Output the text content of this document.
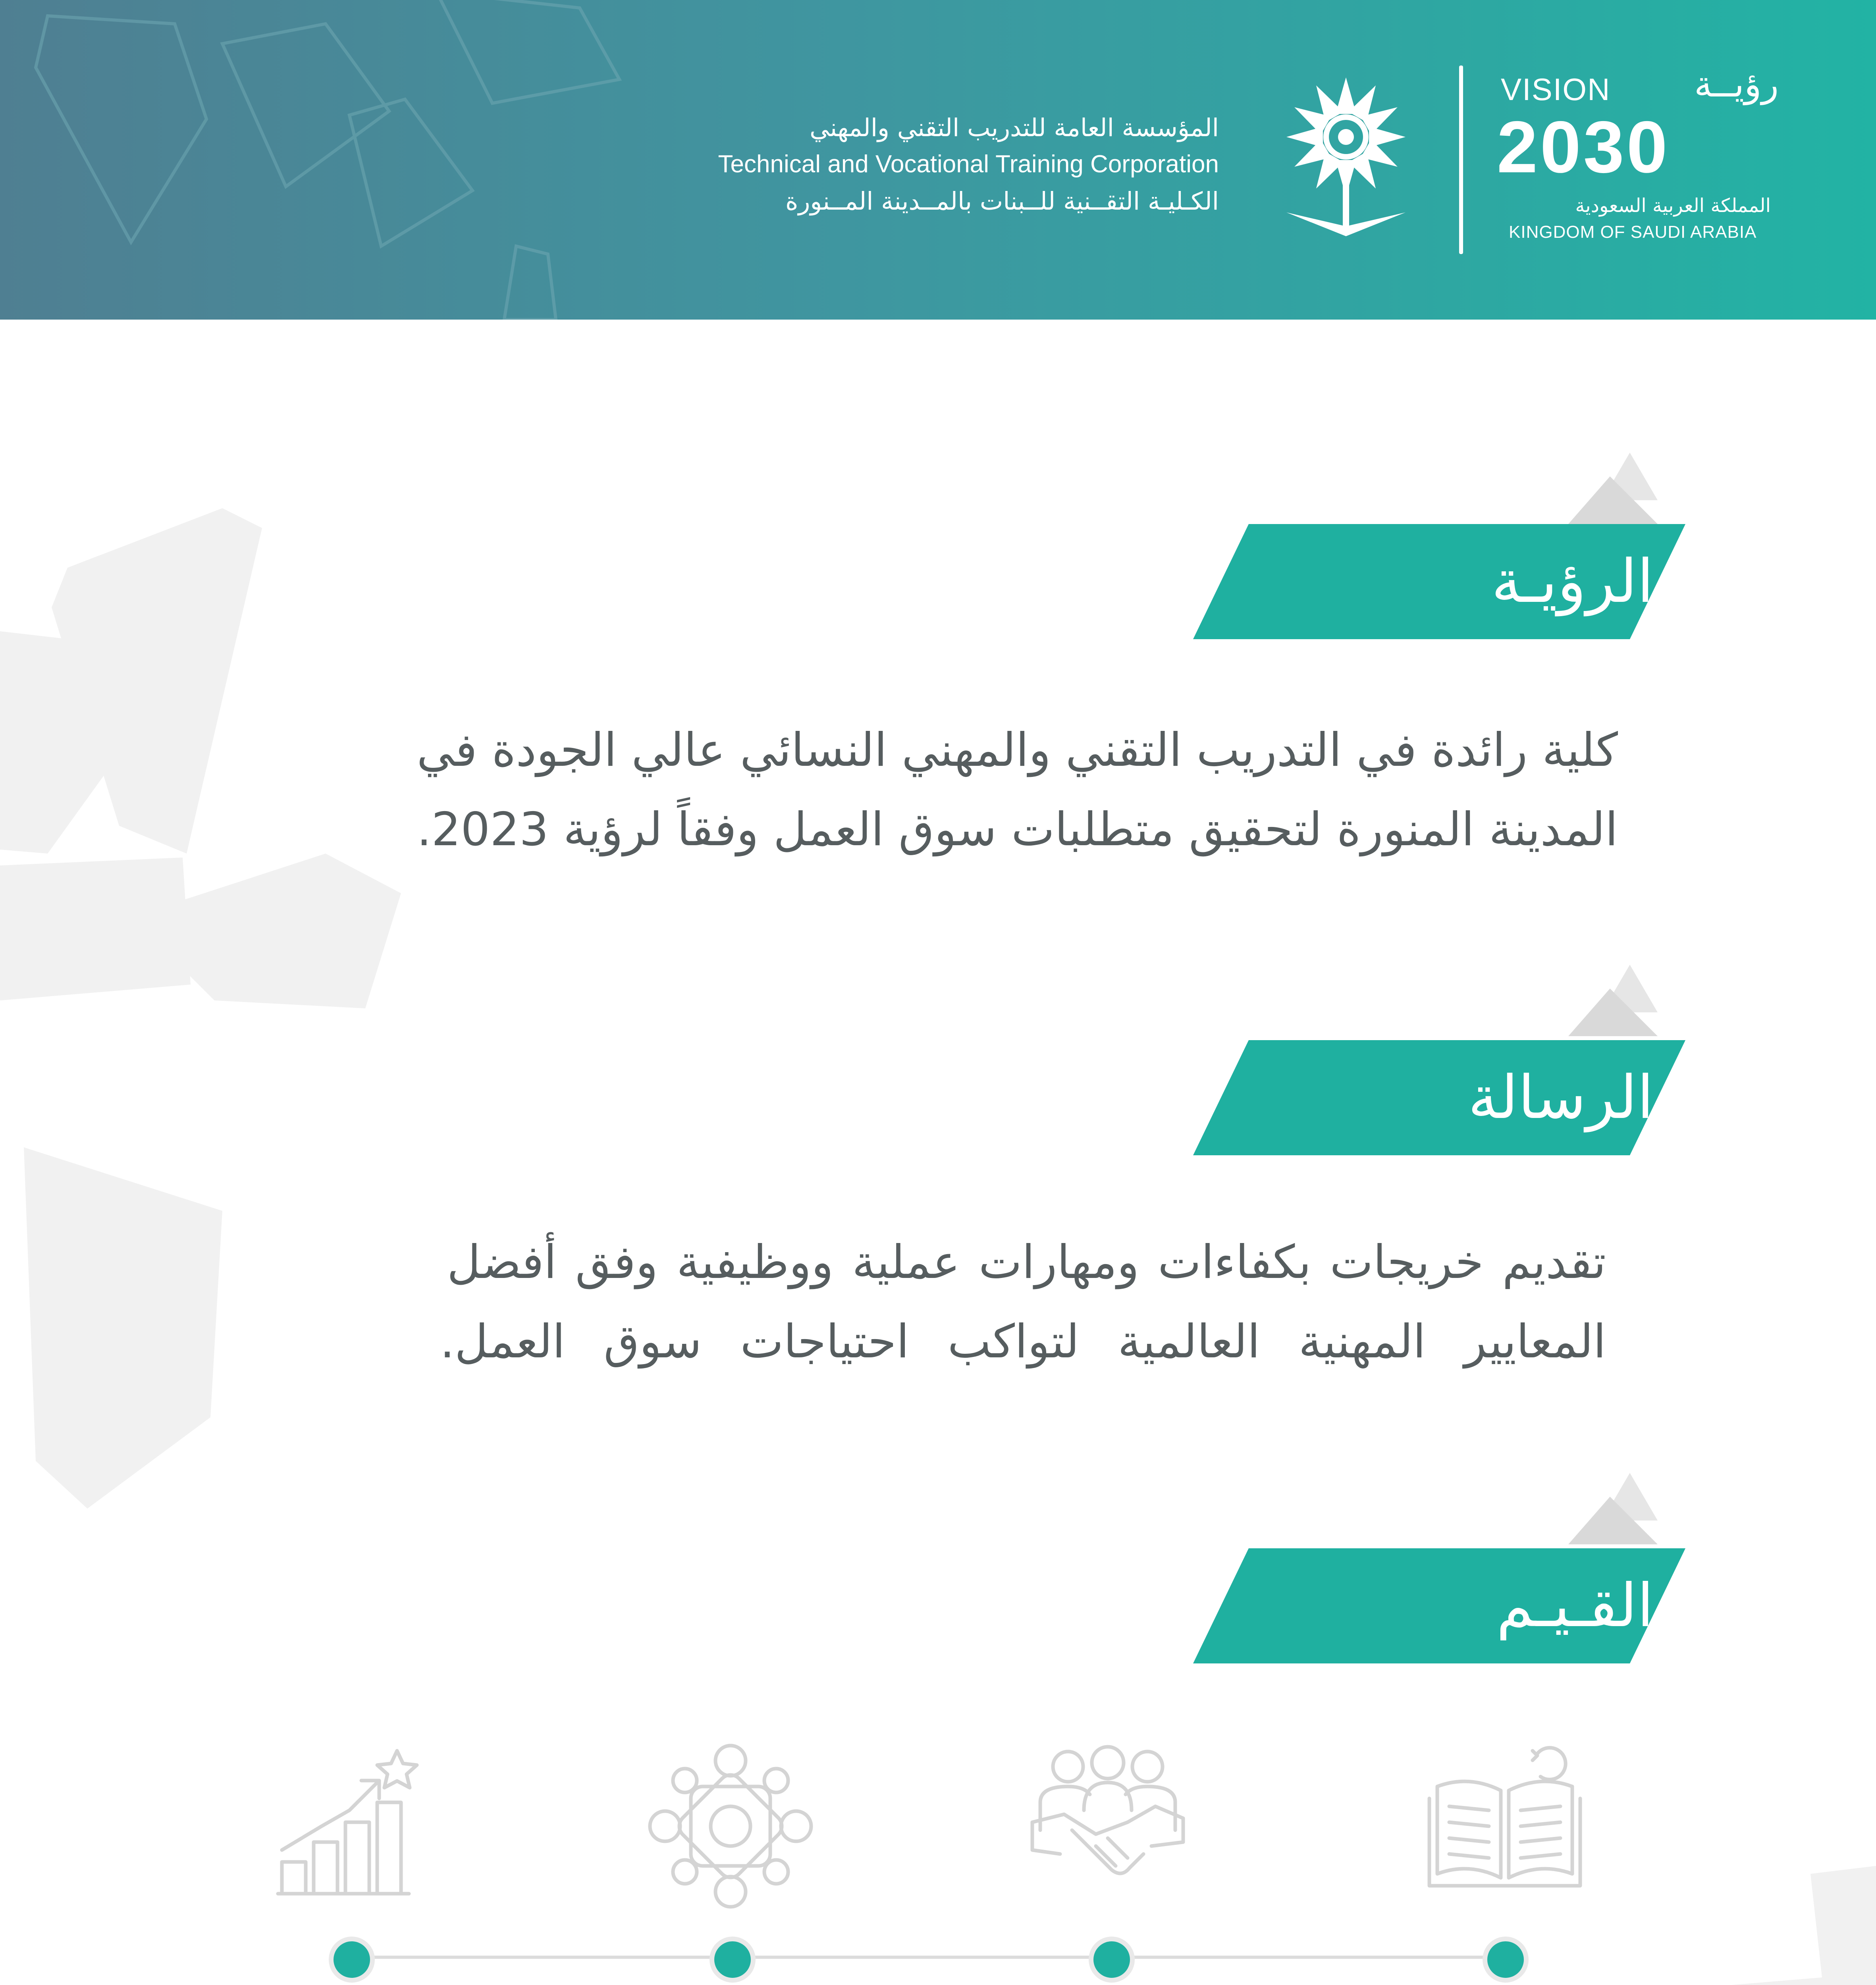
المؤسسة العامة للتدريب التقني والمهني
Technical and Vocational Training Corporation
الكـليـة التقــنية للــبنات بالمــدينة المــنورة
VISION رؤيــة
2030
المملكة العربية السعودية
KINGDOM OF SAUDI ARABIA
الرؤيـة
كلية رائدة في التدريب التقني والمهني النسائي عالي الجودة في
المدينة المنورة لتحقيق متطلبات سوق العمل وفقاً لرؤية 2023.
الرسالة
تقديم خريجات بكفاءات ومهارات عملية ووظيفية وفق أفضل
المعايير المهنية العالمية لتواكب احتياجات سوق العمل.
القـيـم
